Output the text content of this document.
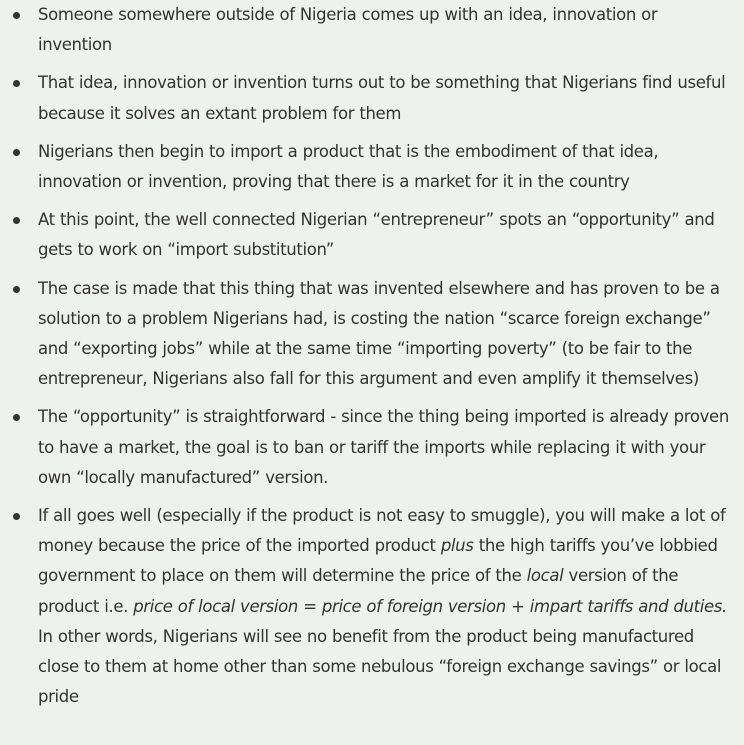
Someone somewhere outside of Nigeria comes up with an idea, innovation or invention
That idea, innovation or invention turns out to be something that Nigerians find useful because it solves an extant problem for them
Nigerians then begin to import a product that is the embodiment of that idea, innovation or invention, proving that there is a market for it in the country
At this point, the well connected Nigerian “entrepreneur” spots an “opportunity” and gets to work on “import substitution”
The case is made that this thing that was invented elsewhere and has proven to be a solution to a problem Nigerians had, is costing the nation “scarce foreign exchange” and “exporting jobs” while at the same time “importing poverty” (to be fair to the entrepreneur, Nigerians also fall for this argument and even amplify it themselves)
The “opportunity” is straightforward - since the thing being imported is already proven to have a market, the goal is to ban or tariff the imports while replacing it with your own “locally manufactured” version.
If all goes well (especially if the product is not easy to smuggle), you will make a lot of money because the price of the imported product plus the high tariffs you’ve lobbied government to place on them will determine the price of the local version of the product i.e. price of local version = price of foreign version + impart tariffs and duties. In other words, Nigerians will see no benefit from the product being manufactured close to them at home other than some nebulous “foreign exchange savings” or local pride
